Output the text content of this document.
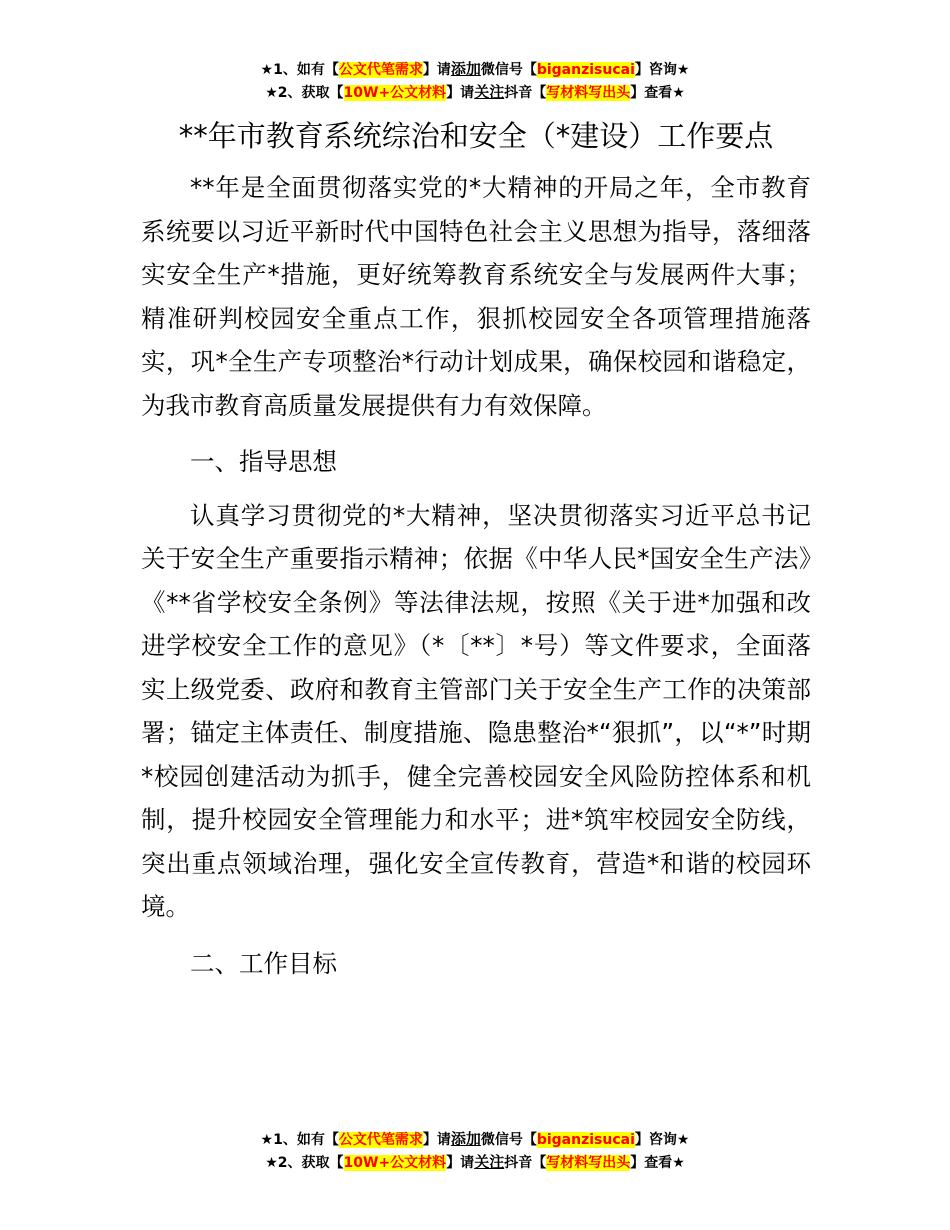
★1、如有【公文代笔需求】请添加微信号【biganzisucai】咨询★
★2、获取【10W+公文材料】请关注抖音【写材料写出头】查看★
**年市教育系统综治和安全（*建设）工作要点

**年是全面贯彻落实党的*大精神的开局之年，全市教育系统要以习近平新时代中国特色社会主义思想为指导，落细落实安全生产*措施，更好统筹教育系统安全与发展两件大事；精准研判校园安全重点工作，狠抓校园安全各项管理措施落实，巩*全生产专项整治*行动计划成果，确保校园和谐稳定，为我市教育高质量发展提供有力有效保障。

一、指导思想

认真学习贯彻党的*大精神，坚决贯彻落实习近平总书记关于安全生产重要指示精神；依据《中华人民*国安全生产法》《**省学校安全条例》等法律法规，按照《关于进*加强和改进学校安全工作的意见》（*〔**〕*号）等文件要求，全面落实上级党委、政府和教育主管部门关于安全生产工作的决策部署；锚定主体责任、制度措施、隐患整治*“狠抓”，以“*”时期*校园创建活动为抓手，健全完善校园安全风险防控体系和机制，提升校园安全管理能力和水平；进*筑牢校园安全防线，突出重点领域治理，强化安全宣传教育，营造*和谐的校园环境。

二、工作目标

★1、如有【公文代笔需求】请添加微信号【biganzisucai】咨询★
★2、获取【10W+公文材料】请关注抖音【写材料写出头】查看★
